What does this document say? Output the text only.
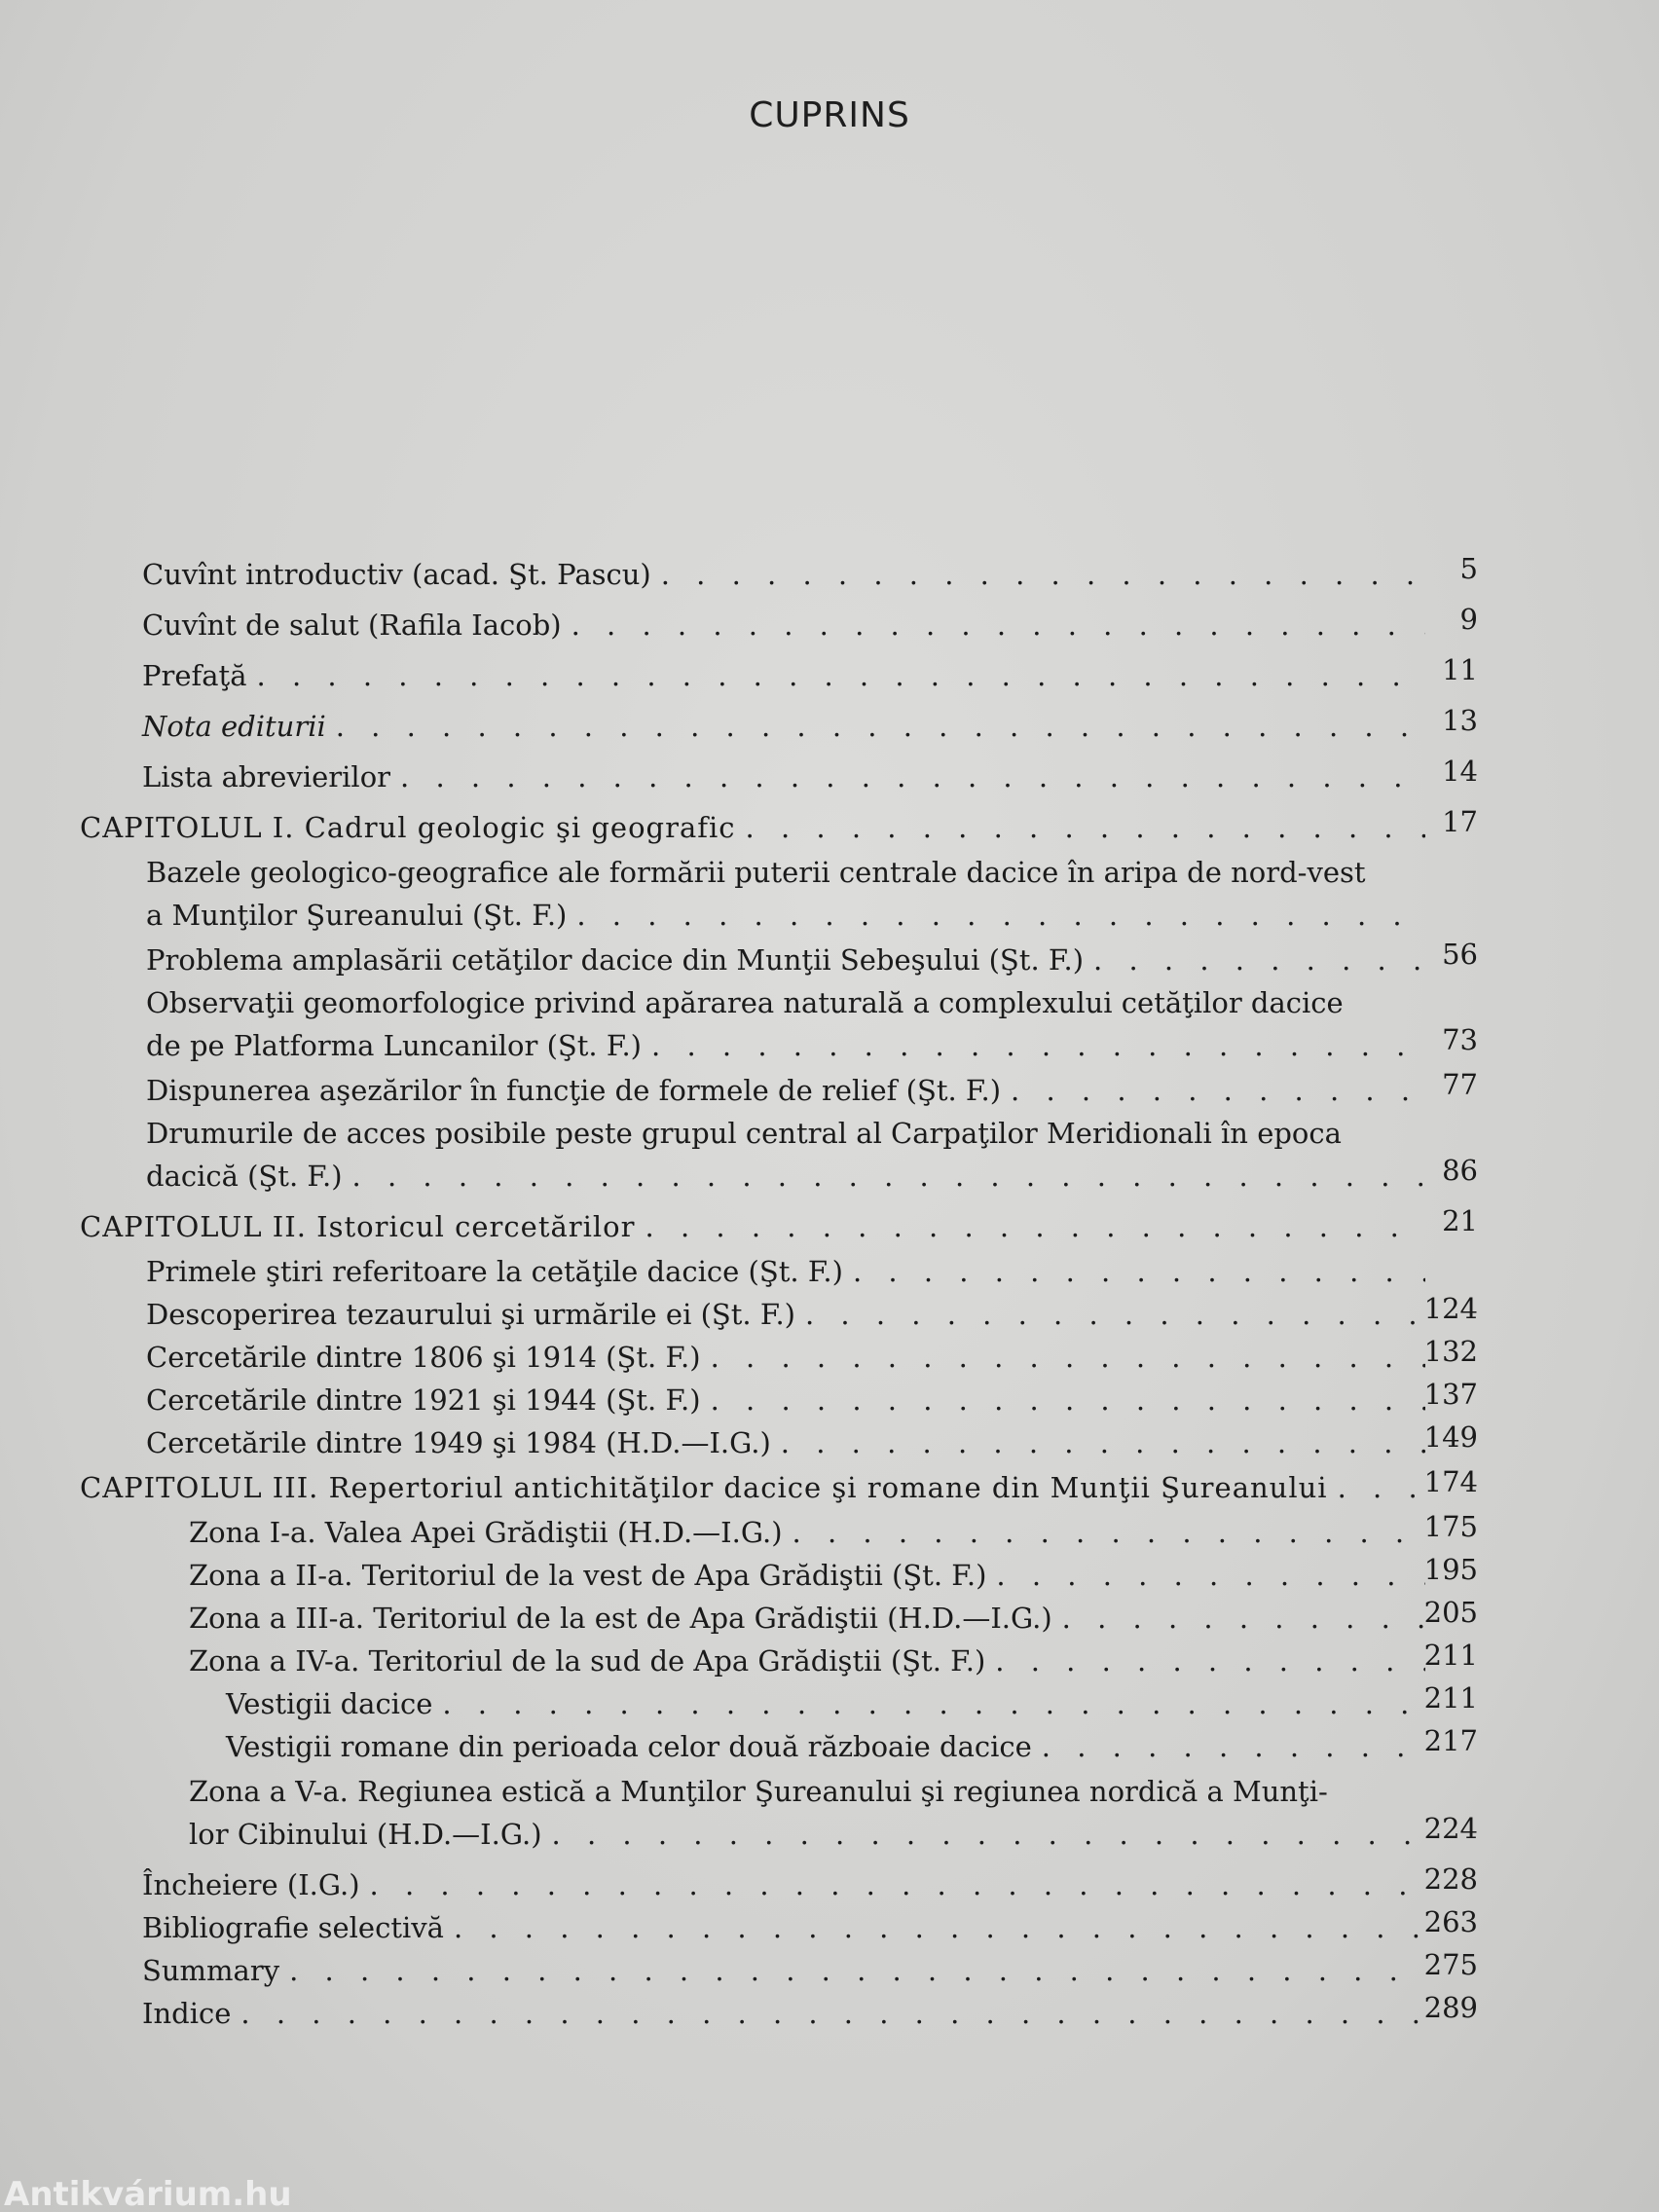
CUPRINS
Cuvînt introductiv (acad. Şt. Pascu) . . .	5
Cuvînt de salut (Rafila Iacob) . . .	9
Prefaţă . . .	11
Nota editurii . . .	13
Lista abrevierilor . . .	14
CAPITOLUL I. Cadrul geologic şi geografic . . .	17
Bazele geologico-geografice ale formării puterii centrale dacice în aripa de nord-vest
a Munţilor Şureanului (Şt. F.)
. . .
Problema amplasării cetăţilor dacice din Munţii Sebeşului (Şt. F.) . . .	56
Observaţii geomorfologice privind apărarea naturală a complexului cetăţilor dacice
de pe Platforma Luncanilor (Şt. F.) . . .	73
Dispunerea aşezărilor în funcţie de formele de relief (Şt. F.) . . .	77
Drumurile de acces posibile peste grupul central al Carpaţilor Meridionali în epoca
dacică (Şt. F.) . . .	86
CAPITOLUL II. Istoricul cercetărilor . . .	21
Primele ştiri referitoare la cetăţile dacice (Şt. F.)
. . .
Descoperirea tezaurului şi urmările ei (Şt. F.) . . .	124
Cercetările dintre 1806 şi 1914 (Şt. F.) . . .	132
Cercetările dintre 1921 şi 1944 (Şt. F.) . . .	137
Cercetările dintre 1949 şi 1984 (H.D.—I.G.) . . .	149
CAPITOLUL III. Repertoriul antichităţilor dacice şi romane din Munţii Şureanului . . .	174
Zona I-a. Valea Apei Grădiştii (H.D.—I.G.) . . .	175
Zona a II-a. Teritoriul de la vest de Apa Grădiştii (Şt. F.) . . .	195
Zona a III-a. Teritoriul de la est de Apa Grădiştii (H.D.—I.G.) . . .	205
Zona a IV-a. Teritoriul de la sud de Apa Grădiştii (Şt. F.) . . .	211
Vestigii dacice . . .	211
Vestigii romane din perioada celor două războaie dacice . . .	217
Zona a V-a. Regiunea estică a Munţilor Şureanului şi regiunea nordică a Munţi-
lor Cibinului (H.D.—I.G.) . . .	224
Încheiere (I.G.) . . .	228
Bibliografie selectivă . . .	263
Summary . . .	275
Indice . . .	289
Antikvárium.hu
